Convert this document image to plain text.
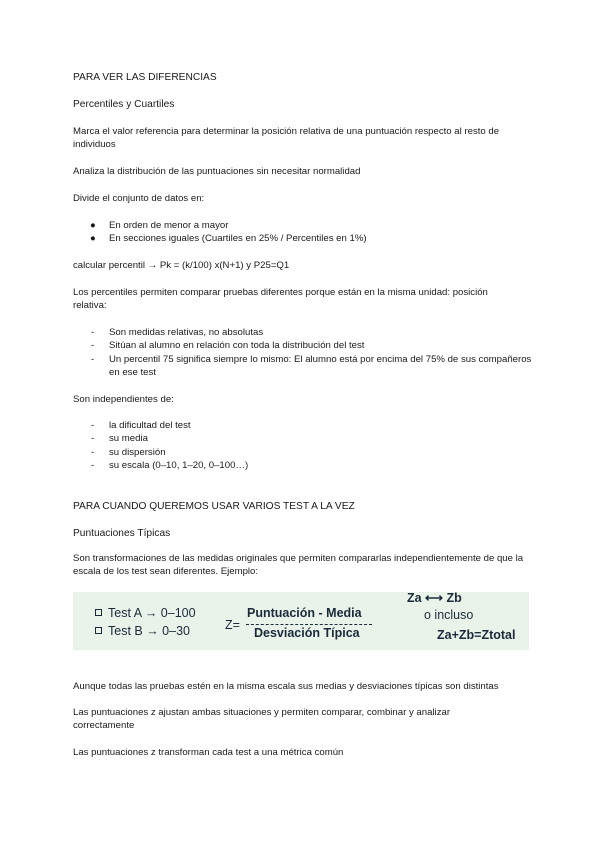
PARA VER LAS DIFERENCIAS

Percentiles y Cuartiles

Marca el valor referencia para determinar la posición relativa de una puntuación respecto al resto de individuos

Analiza la distribución de las puntuaciones sin necesitar normalidad

Divide el conjunto de datos en:

● En orden de menor a mayor
● En secciones iguales (Cuartiles en 25% / Percentiles en 1%)

calcular percentil → Pk = (k/100) x(N+1) y P25=Q1

Los percentiles permiten comparar pruebas diferentes porque están en la misma unidad: posición relativa:

- Son medidas relativas, no absolutas
- Sitúan al alumno en relación con toda la distribución del test
- Un percentil 75 significa siempre lo mismo: El alumno está por encima del 75% de sus compañeros en ese test

Son independientes de:

- la dificultad del test
- su media
- su dispersión
- su escala (0–10, 1–20, 0–100…)

PARA CUANDO QUEREMOS USAR VARIOS TEST A LA VEZ

Puntuaciones Típicas

Son transformaciones de las medidas originales que permiten compararlas independientemente de que la escala de los test sean diferentes. Ejemplo:

Test A → 0–100
Test B → 0–30	Z=
Puntuación - Media
Desviación Típica
Za ⟷ Zb
o incluso
Za+Zb=Ztotal

Aunque todas las pruebas estén en la misma escala sus medias y desviaciones típicas son distintas

Las puntuaciones z ajustan ambas situaciones y permiten comparar, combinar y analizar correctamente

Las puntuaciones z transforman cada test a una métrica común
